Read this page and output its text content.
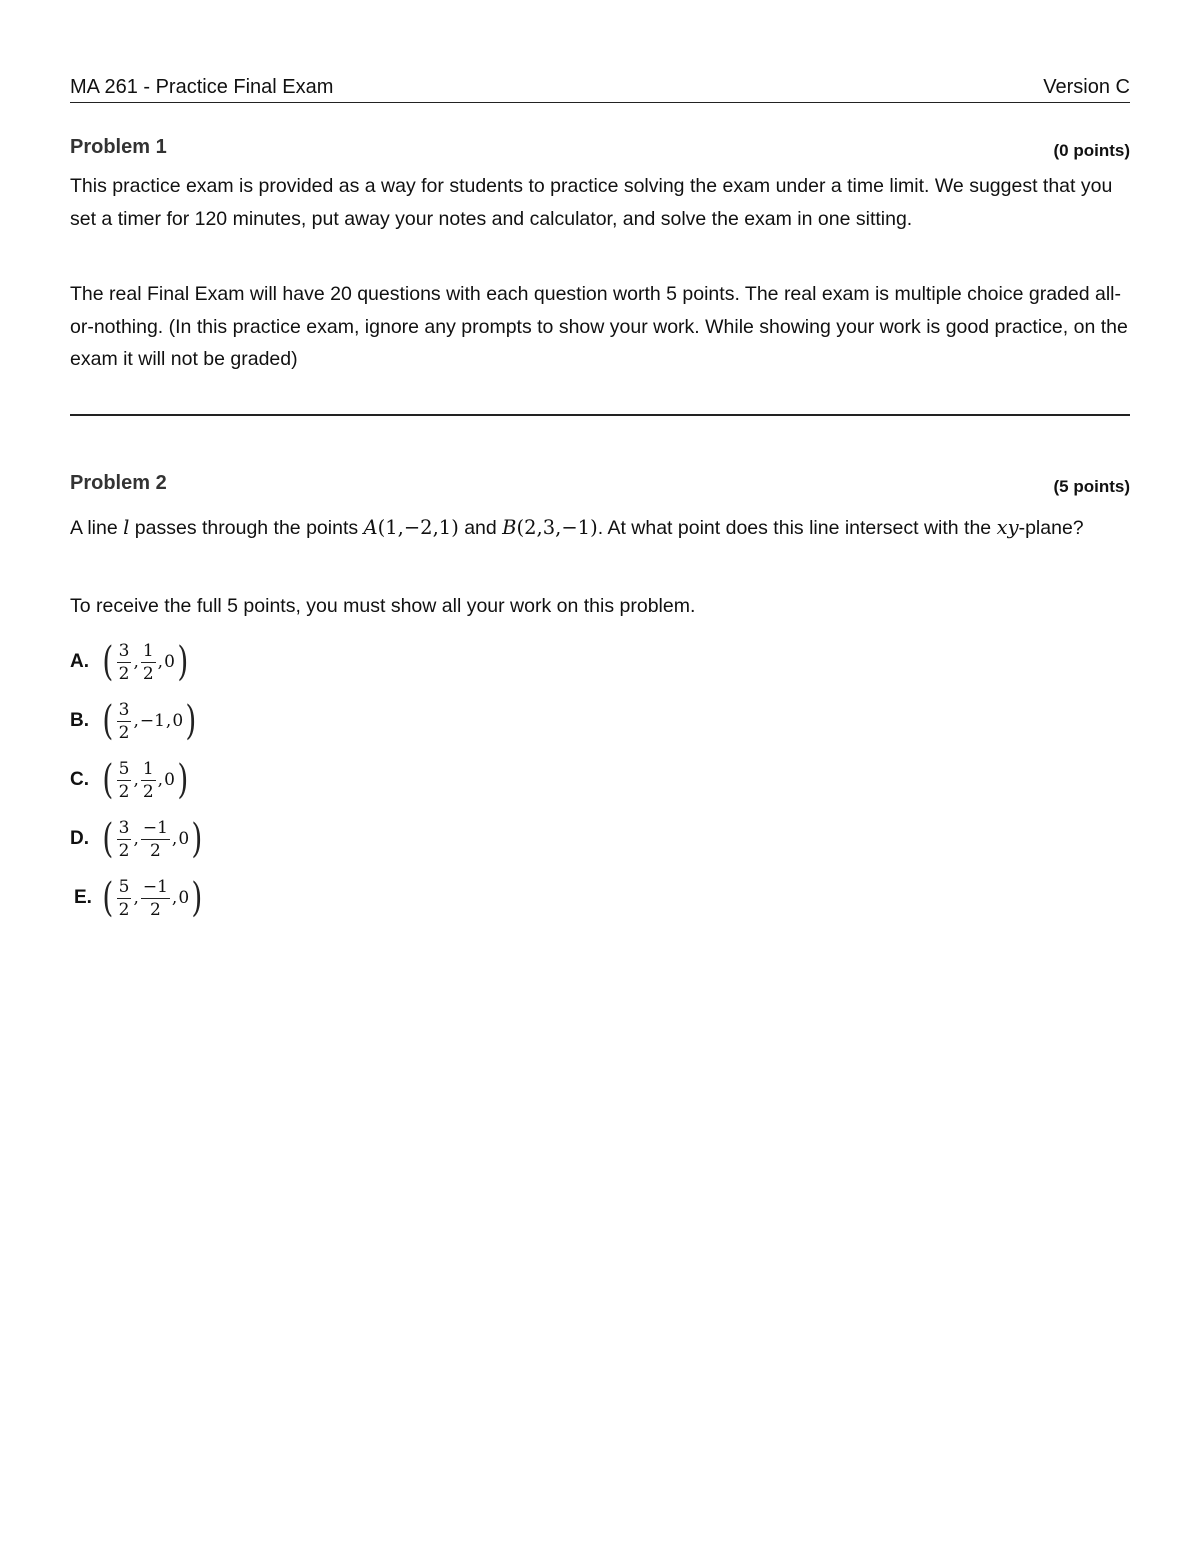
MA 261 - Practice Final Exam	Version C
Problem 1	(0 points)

This practice exam is provided as a way for students to practice solving the exam under a time limit. We suggest that you set a timer for 120 minutes, put away your notes and calculator, and solve the exam in one sitting.

The real Final Exam will have 20 questions with each question worth 5 points. The real exam is multiple choice graded all-or-nothing. (In this practice exam, ignore any prompts to show your work. While showing your work is good practice, on the exam it will not be graded)

Problem 2	(5 points)

A line l passes through the points A(1,−2,1) and B(2,3,−1). At what point does this line intersect with the xy-plane?

To receive the full 5 points, you must show all your work on this problem.

A. ( $\frac{3}{2}$ , $\frac{1}{2}$ , 0 )
B. ( $\frac{3}{2}$ , −1 , 0 )
C. ( $\frac{5}{2}$ , $\frac{1}{2}$ , 0 )
D. ( $\frac{3}{2}$ , $\frac{-1}{2}$ , 0 )
E. ( $\frac{5}{2}$ , $\frac{-1}{2}$ , 0 )
